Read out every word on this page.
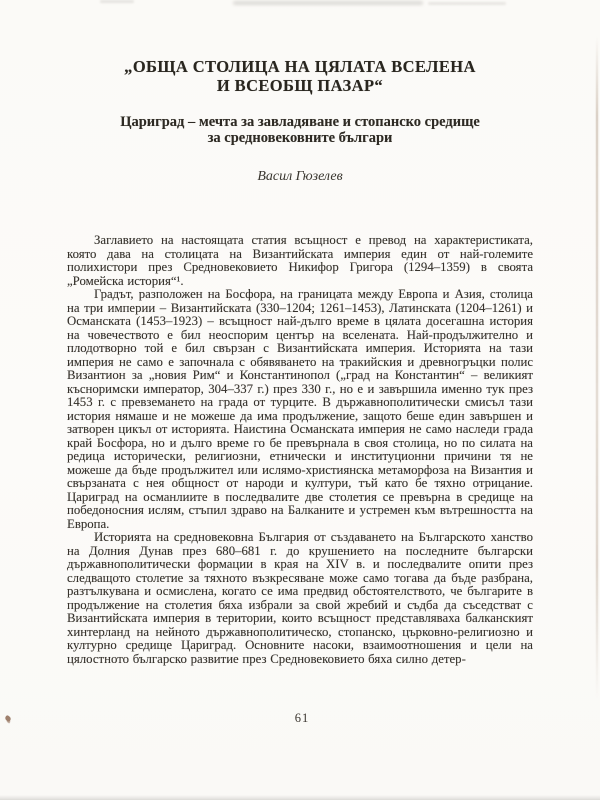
„ОБЩА СТОЛИЦА НА ЦЯЛАТА ВСЕЛЕНА
И ВСЕОБЩ ПАЗАР“
Цариград – мечта за завладяване и стопанско средище
за средновековните българи
Васил Гюзелев

Заглавието на настоящата статия всъщност е превод на характеристиката, която дава на столицата на Византийската империя един от най-големите полихистори през Средновековието Никифор Григора (1294–1359) в своята „Ромейска история“¹.

Градът, разположен на Босфора, на границата между Европа и Азия, столица на три империи – Византийската (330–1204; 1261–1453), Латинската (1204–1261) и Османската (1453–1923) – всъщност най-дълго време в цялата досегашна история на човечеството е бил неоспорим център на вселената. Най-продължително и плодотворно той е бил свързан с Византийската империя. Историята на тази империя не само е започнала с обявяването на тракийския и древногръцки полис Византион за „новия Рим“ и Константинопол („град на Константин“ – великият късноримски император, 304–337 г.) през 330 г., но е и завършила именно тук през 1453 г. с превземането на града от турците. В държавнополитически смисъл тази история нямаше и не можеше да има продължение, защото беше един завършен и затворен цикъл от историята. Наистина Османската империя не само наследи града край Босфора, но и дълго време го бе превърнала в своя столица, но по силата на редица исторически, религиозни, етнически и институционни причини тя не можеше да бъде продължител или ислямо-християнска метаморфоза на Византия и свързаната с нея общност от народи и култури, тъй като бе тяхно отрицание. Цариград на османлиите в последвалите две столетия се превърна в средище на победоносния ислям, стъпил здраво на Балканите и устремен към вътрешността на Европа.

Историята на средновековна България от създаването на Българското ханство на Долния Дунав през 680–681 г. до крушението на последните български държавнополитически формации в края на XIV в. и последвалите опити през следващото столетие за тяхното възкресяване може само тогава да бъде разбрана, разтълкувана и осмислена, когато се има предвид обстоятелството, че българите в продължение на столетия бяха избрали за свой жребий и съдба да съседстват с Византийската империя в територии, които всъщност представляваха балканският хинтерланд на нейното държавнополитическо, стопанско, църковно-религиозно и културно средище Цариград. Основните насоки, взаимоотношения и цели на цялостното българско развитие през Средновековието бяха силно детер-

61
